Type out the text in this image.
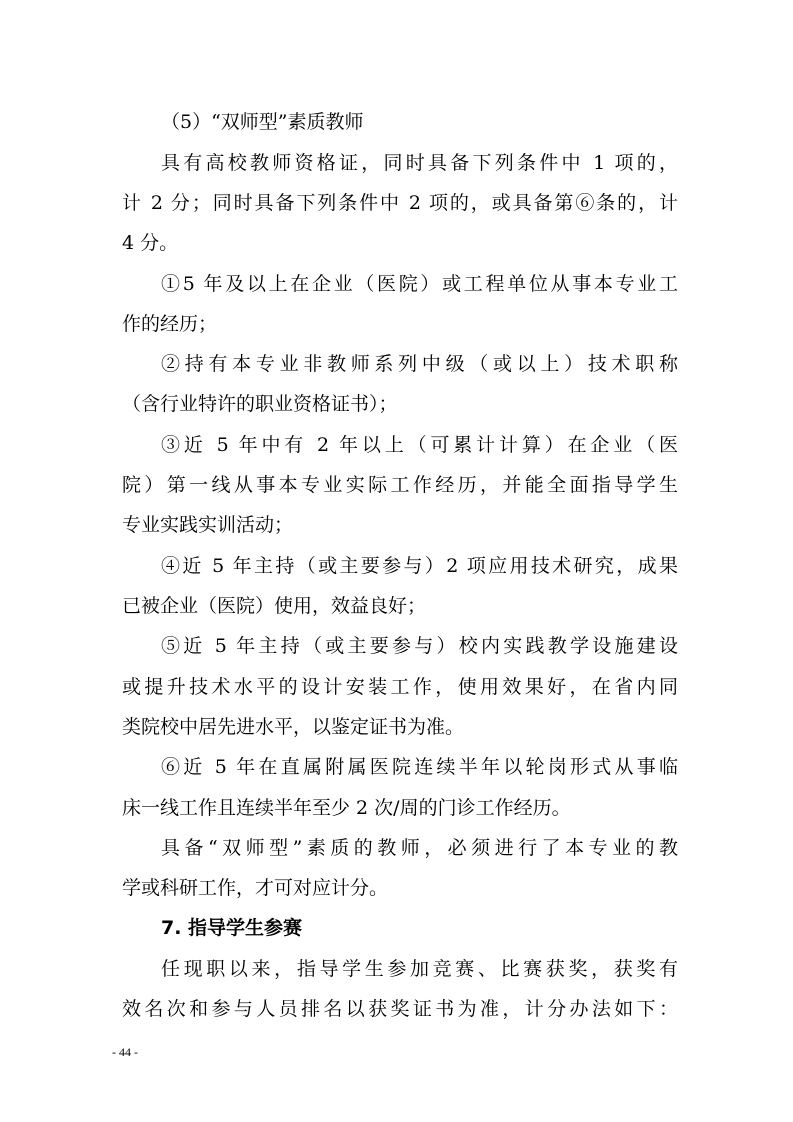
（5）“双师型”素质教师
具有高校教师资格证，同时具备下列条件中 1 项的，
计 2 分；同时具备下列条件中 2 项的，或具备第⑥条的，计
4 分。
①5 年及以上在企业（医院）或工程单位从事本专业工
作的经历；
②持有本专业非教师系列中级（或以上）技术职称
（含行业特许的职业资格证书）；
③近 5 年中有 2 年以上（可累计计算）在企业（医
院）第一线从事本专业实际工作经历，并能全面指导学生
专业实践实训活动；
④近 5 年主持（或主要参与）2 项应用技术研究，成果
已被企业（医院）使用，效益良好；
⑤近 5 年主持（或主要参与）校内实践教学设施建设
或提升技术水平的设计安装工作，使用效果好，在省内同
类院校中居先进水平，以鉴定证书为准。
⑥近 5 年在直属附属医院连续半年以轮岗形式从事临
床一线工作且连续半年至少 2 次/周的门诊工作经历。
具备“双师型”素质的教师，必须进行了本专业的教
学或科研工作，才可对应计分。
7. 指导学生参赛
任现职以来，指导学生参加竞赛、比赛获奖，获奖有
效名次和参与人员排名以获奖证书为准，计分办法如下：
- 44 -
